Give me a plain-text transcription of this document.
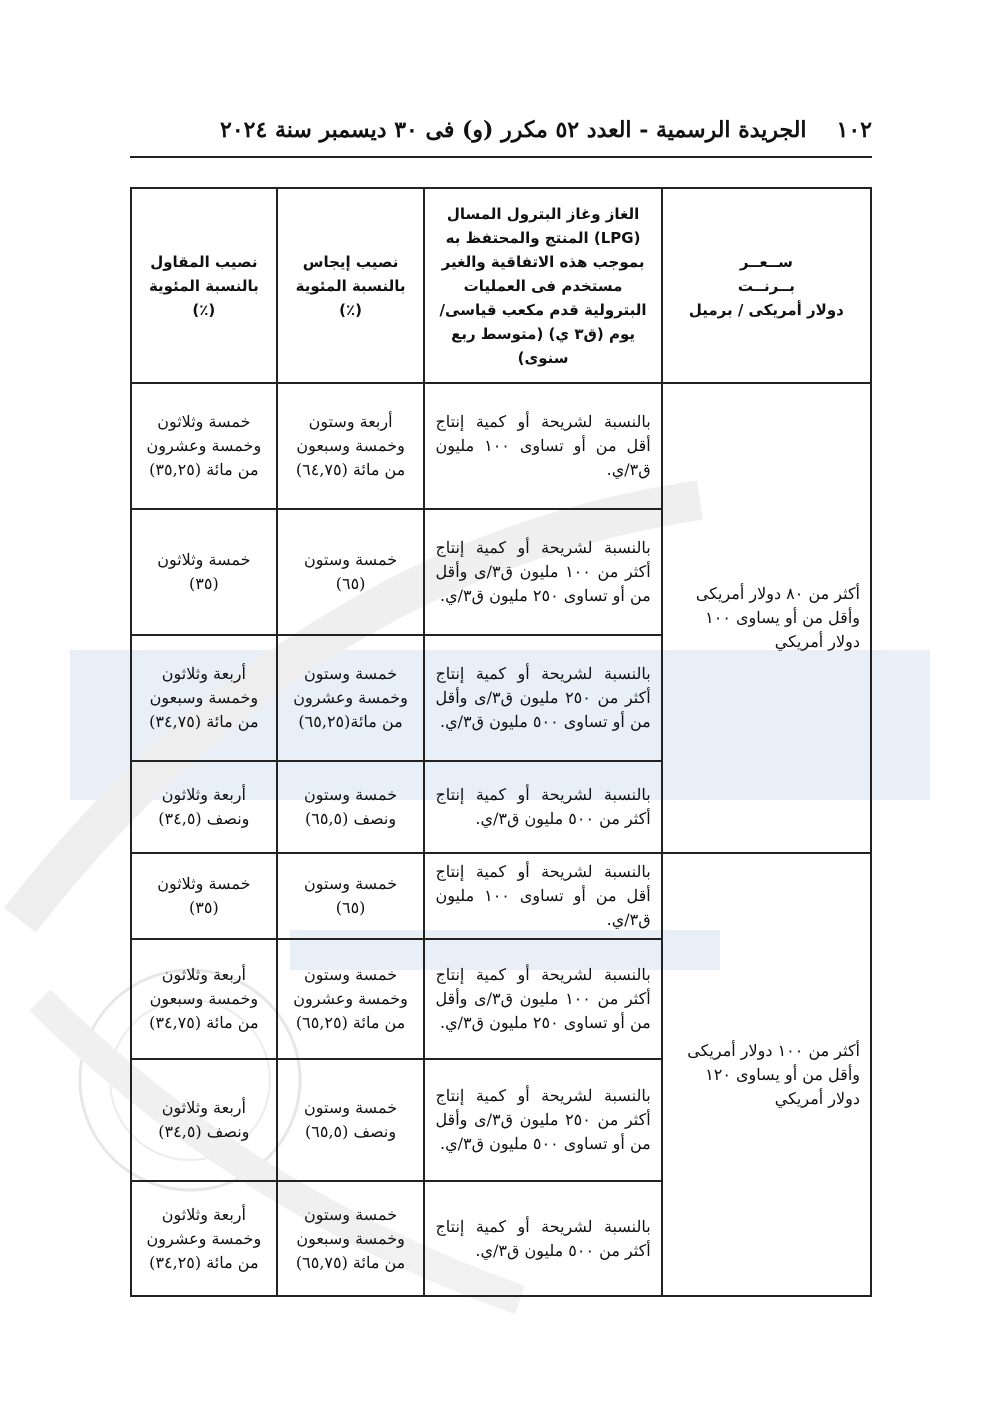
١٠٢
الجريدة الرسمية - العدد ٥٢ مكرر (و) فى ٣٠ ديسمبر سنة ٢٠٢٤
ســعــر
بــرنــت
دولار أمريكى / برميل	الغاز وغاز البترول المسال (LPG) المنتج والمحتفظ به بموجب هذه الاتفاقية والغير مستخدم فى العمليات البترولية قدم مكعب قياسى/ يوم (ق٣ ي) (متوسط ربع سنوى)	نصيب إيجاس بالنسبة المئوية (٪)	نصيب المقاول بالنسبة المئوية (٪)
أكثر من ٨٠ دولار أمريكى وأقل من أو يساوى ١٠٠ دولار أمريكي	بالنسبة لشريحة أو كمية إنتاج أقل من أو تساوى ١٠٠ مليون ق٣/ي.	أربعة وستون وخمسة وسبعون من مائة (٦٤,٧٥)	خمسة وثلاثون وخمسة وعشرون من مائة (٣٥,٢٥)
	بالنسبة لشريحة أو كمية إنتاج أكثر من ١٠٠ مليون ق٣/ى وأقل من أو تساوى ٢٥٠ مليون ق٣/ي.	خمسة وستون (٦٥)	خمسة وثلاثون (٣٥)
	بالنسبة لشريحة أو كمية إنتاج أكثر من ٢٥٠ مليون ق٣/ى وأقل من أو تساوى ٥٠٠ مليون ق٣/ي.	خمسة وستون وخمسة وعشرون من مائة(٦٥,٢٥)	أربعة وثلاثون وخمسة وسبعون من مائة (٣٤,٧٥)
	بالنسبة لشريحة أو كمية إنتاج أكثر من ٥٠٠ مليون ق٣/ي.	خمسة وستون ونصف (٦٥,٥)	أربعة وثلاثون ونصف (٣٤,٥)
أكثر من ١٠٠ دولار أمريكى وأقل من أو يساوى ١٢٠ دولار أمريكي	بالنسبة لشريحة أو كمية إنتاج أقل من أو تساوى ١٠٠ مليون ق٣/ي.	خمسة وستون (٦٥)	خمسة وثلاثون (٣٥)
	بالنسبة لشريحة أو كمية إنتاج أكثر من ١٠٠ مليون ق٣/ى وأقل من أو تساوى ٢٥٠ مليون ق٣/ي.	خمسة وستون وخمسة وعشرون من مائة (٦٥,٢٥)	أربعة وثلاثون وخمسة وسبعون من مائة (٣٤,٧٥)
	بالنسبة لشريحة أو كمية إنتاج أكثر من ٢٥٠ مليون ق٣/ى وأقل من أو تساوى ٥٠٠ مليون ق٣/ي.	خمسة وستون ونصف (٦٥,٥)	أربعة وثلاثون ونصف (٣٤,٥)
	بالنسبة لشريحة أو كمية إنتاج أكثر من ٥٠٠ مليون ق٣/ي.	خمسة وستون وخمسة وسبعون من مائة (٦٥,٧٥)	أربعة وثلاثون وخمسة وعشرون من مائة (٣٤,٢٥)
